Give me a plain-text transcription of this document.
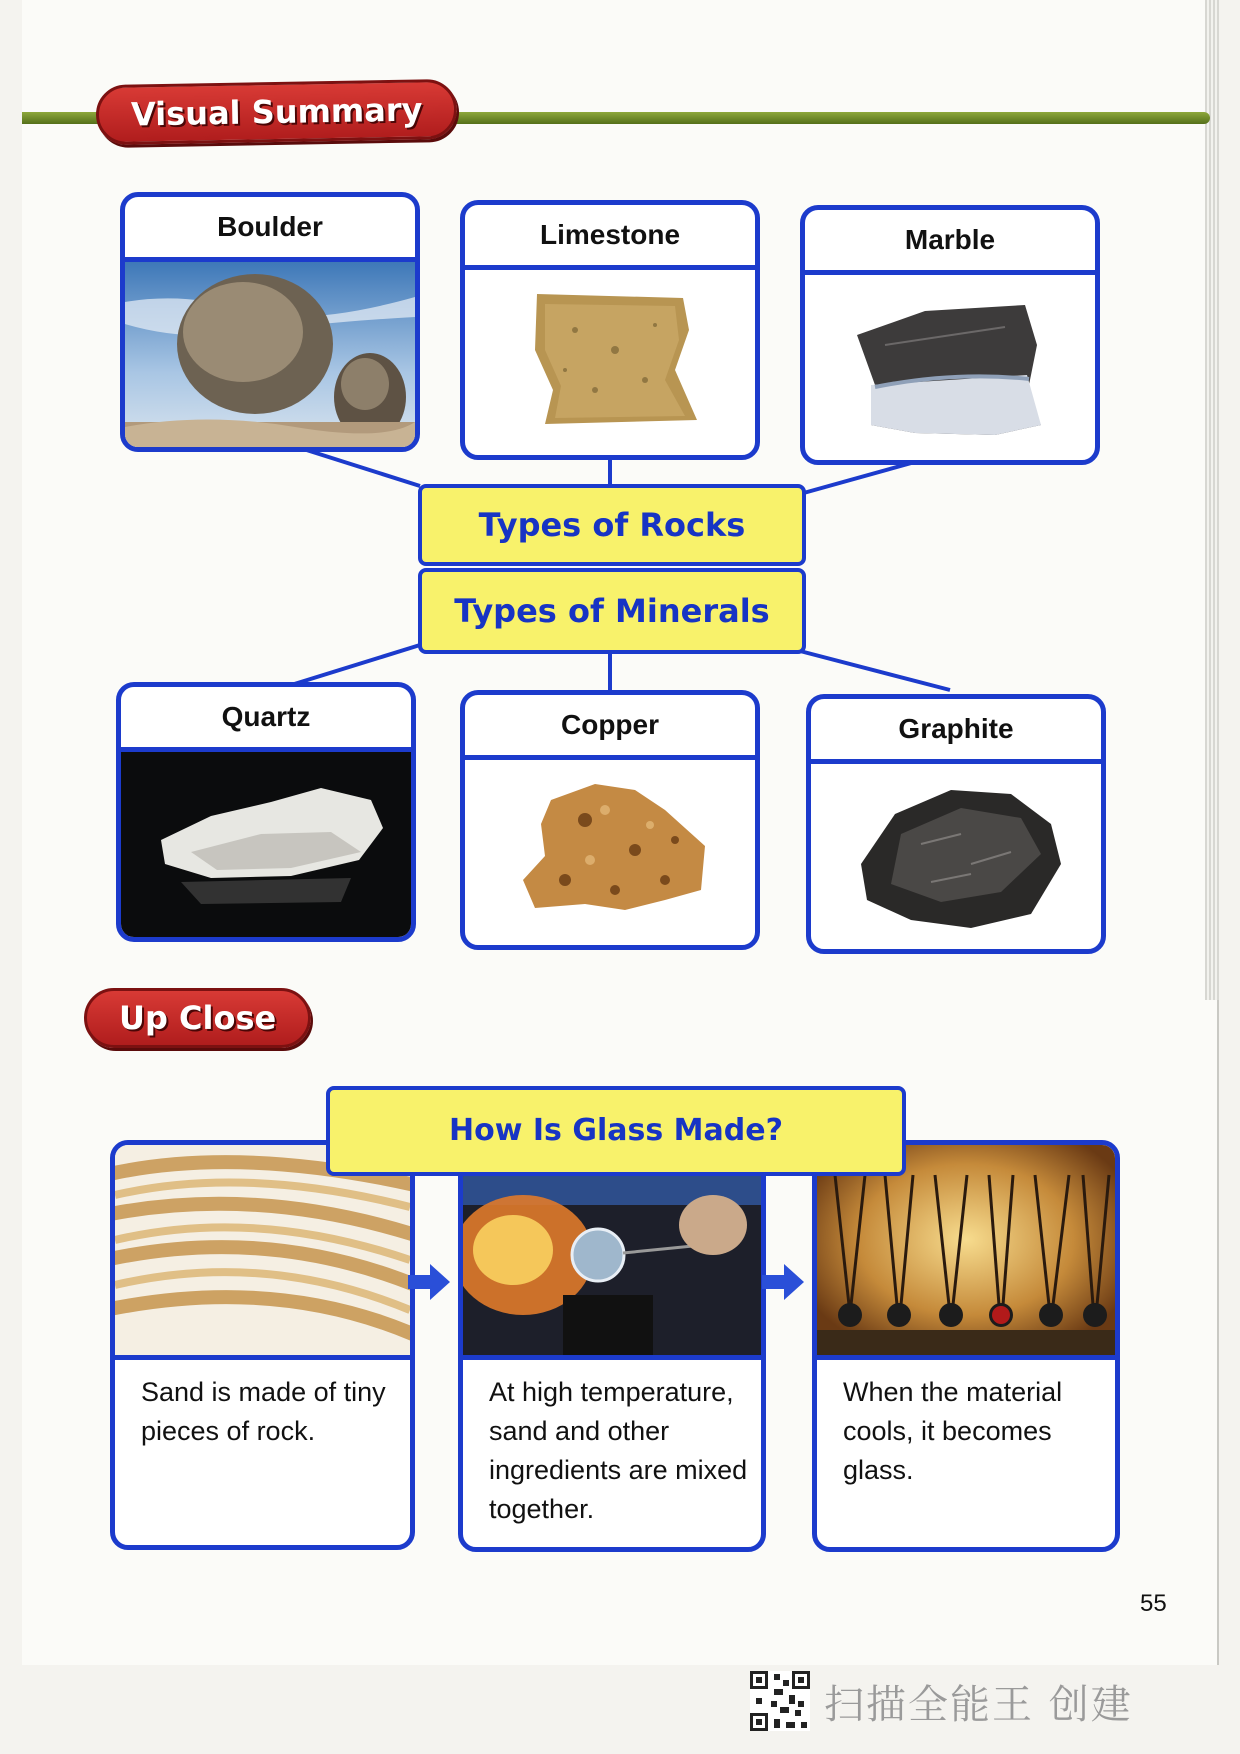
Visual Summary
Boulder	Limestone	Marble
Types of Rocks
Types of Minerals
Quartz	Copper	Graphite
Up Close
Sand is made of tiny pieces of rock.
At high temperature, sand and other ingredients are mixed together.
When the material cools, it becomes glass.
How Is Glass Made?
55
扫描全能王 创建
